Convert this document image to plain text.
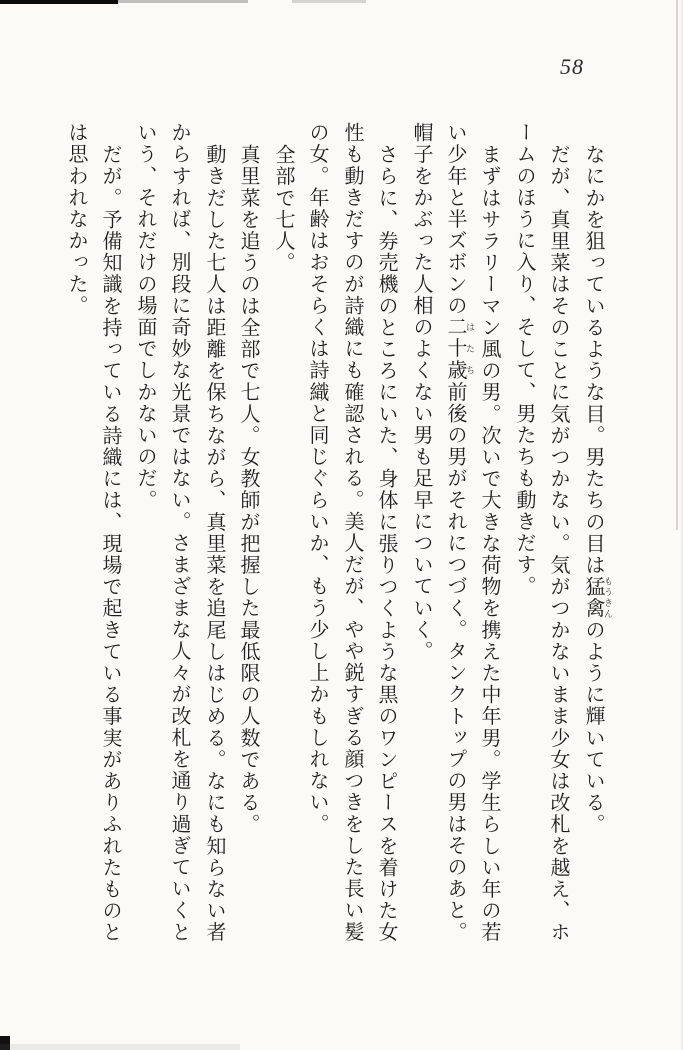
58
なにかを狙っているような目。男たちの目は猛禽 もうきんのように輝いている。
だが、真里菜はそのことに気がつかない。気がつかないまま少女は改札を越え、ホ
ームのほうに入り、そして、男たちも動きだす。
まずはサラリーマン風の男。次いで大きな荷物を携えた中年男。学生らしい年の若
い少年と半ズボンの二十歳 はたち前後の男がそれにつづく。タンクトップの男はそのあと。
帽子をかぶった人相のよくない男も足早についていく。
さらに、券売機のところにいた、身体に張りつくような黒のワンピースを着けた女
性も動きだすのが詩織にも確認される。美人だが、やや鋭すぎる顔つきをした長い髪
の女。年齢はおそらくは詩織と同じぐらいか、もう少し上かもしれない。
全部で七人。
真里菜を追うのは全部で七人。女教師が把握した最低限の人数である。
動きだした七人は距離を保ちながら、真里菜を追尾しはじめる。なにも知らない者
からすれば、別段に奇妙な光景ではない。さまざまな人々が改札を通り過ぎていくと
いう、それだけの場面でしかないのだ。
だが。予備知識を持っている詩織には、現場で起きている事実がありふれたものと
は思われなかった。
